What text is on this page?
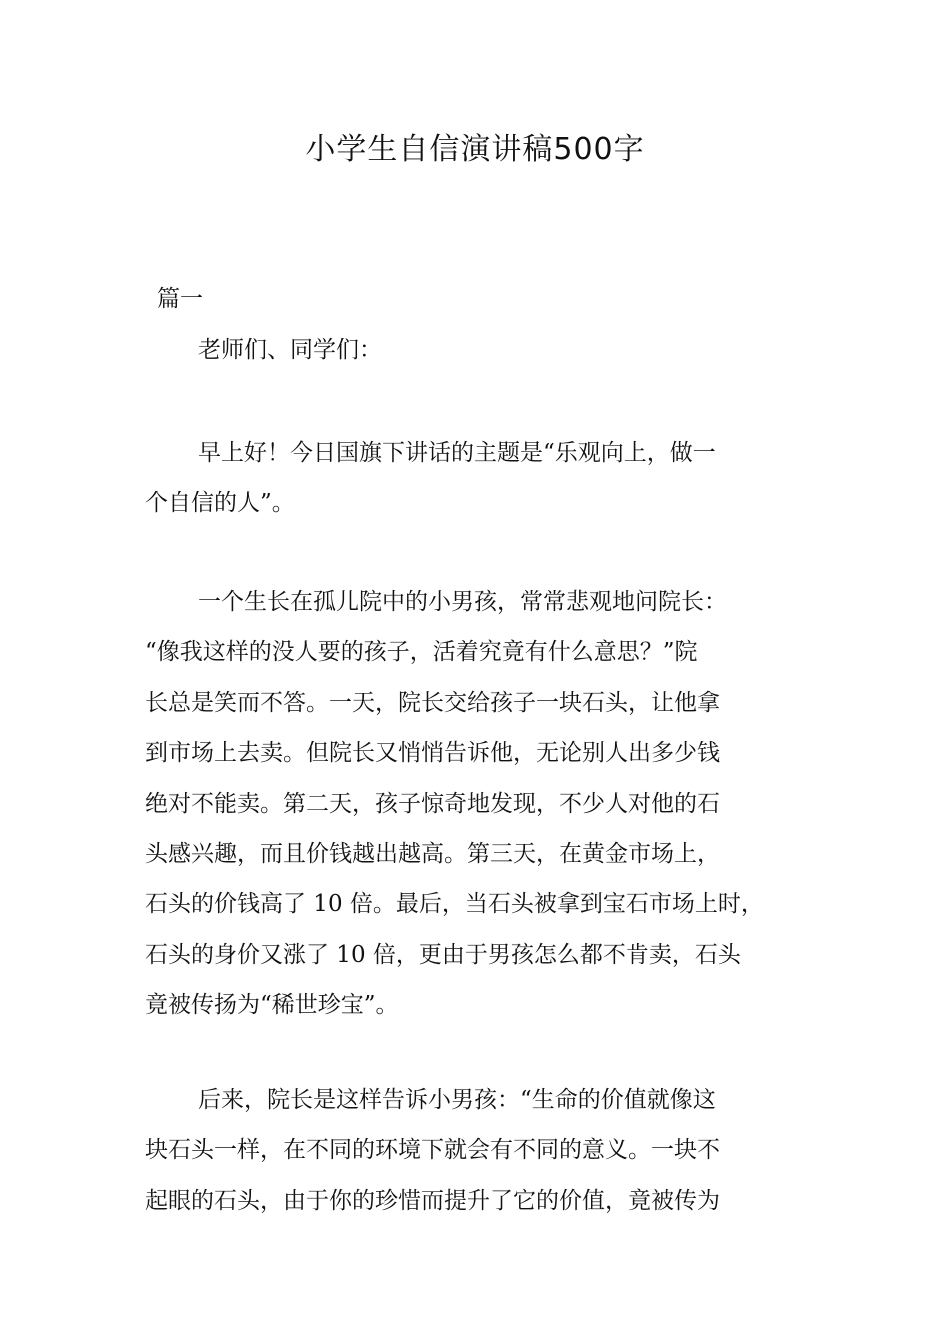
小学生自信演讲稿500字
篇一
老师们、同学们：
早上好！今日国旗下讲话的主题是“乐观向上，做一
个自信的人”。
一个生长在孤儿院中的小男孩，常常悲观地问院长：
“像我这样的没人要的孩子，活着究竟有什么意思？”院
长总是笑而不答。一天，院长交给孩子一块石头，让他拿
到市场上去卖。但院长又悄悄告诉他，无论别人出多少钱
绝对不能卖。第二天，孩子惊奇地发现，不少人对他的石
头感兴趣，而且价钱越出越高。第三天，在黄金市场上，
石头的价钱高了 10 倍。最后，当石头被拿到宝石市场上时，
石头的身价又涨了 10 倍，更由于男孩怎么都不肯卖，石头
竟被传扬为“稀世珍宝”。
后来，院长是这样告诉小男孩：“生命的价值就像这
块石头一样，在不同的环境下就会有不同的意义。一块不
起眼的石头，由于你的珍惜而提升了它的价值，竟被传为
